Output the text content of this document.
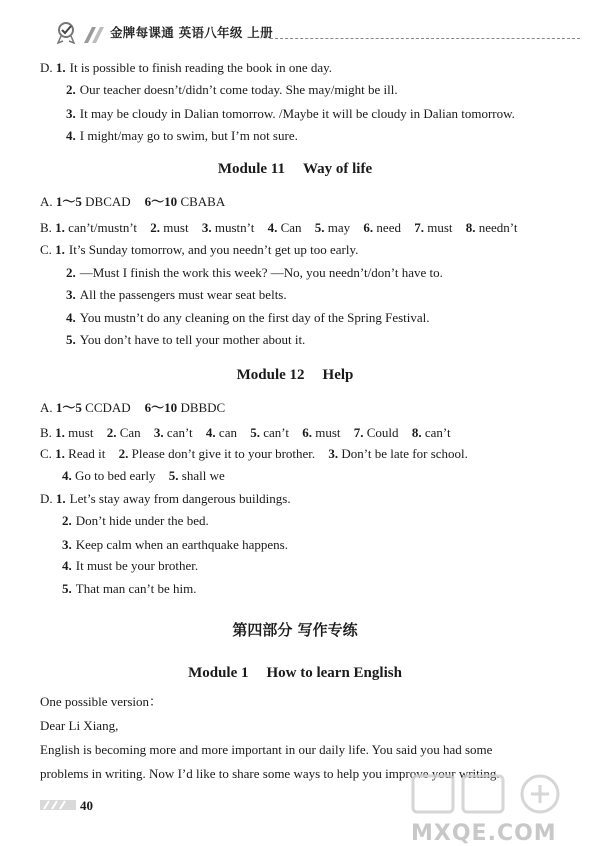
金牌每课通 英语八年级 上册
D. 1. It is possible to finish reading the book in one day.
2. Our teacher doesn’t/didn’t come today. She may/might be ill.
3. It may be cloudy in Dalian tomorrow. /Maybe it will be cloudy in Dalian tomorrow.
4. I might/may go to swim, but I’m not sure.
Module 11 Way of life
A. 1～5 DBCAD 6～10 CBABA
B. 1. can’t/mustn’t 2. must 3. mustn’t 4. Can 5. may 6. need 7. must 8. needn’t
C. 1. It’s Sunday tomorrow, and you needn’t get up too early.
2. —Must I finish the work this week? —No, you needn’t/don’t have to.
3. All the passengers must wear seat belts.
4. You mustn’t do any cleaning on the first day of the Spring Festival.
5. You don’t have to tell your mother about it.
Module 12 Help
A. 1～5 CCDAD 6～10 DBBDC
B. 1. must 2. Can 3. can’t 4. can 5. can’t 6. must 7. Could 8. can’t
C. 1. Read it 2. Please don’t give it to your brother. 3. Don’t be late for school.
4. Go to bed early 5. shall we
D. 1. Let’s stay away from dangerous buildings.
2. Don’t hide under the bed.
3. Keep calm when an earthquake happens.
4. It must be your brother.
5. That man can’t be him.
第四部分 写作专练
Module 1 How to learn English
One possible version：
Dear Li Xiang,
English is becoming more and more important in our daily life. You said you had some
problems in writing. Now I’d like to share some ways to help you improve your writing.
40
MXQE.COM
